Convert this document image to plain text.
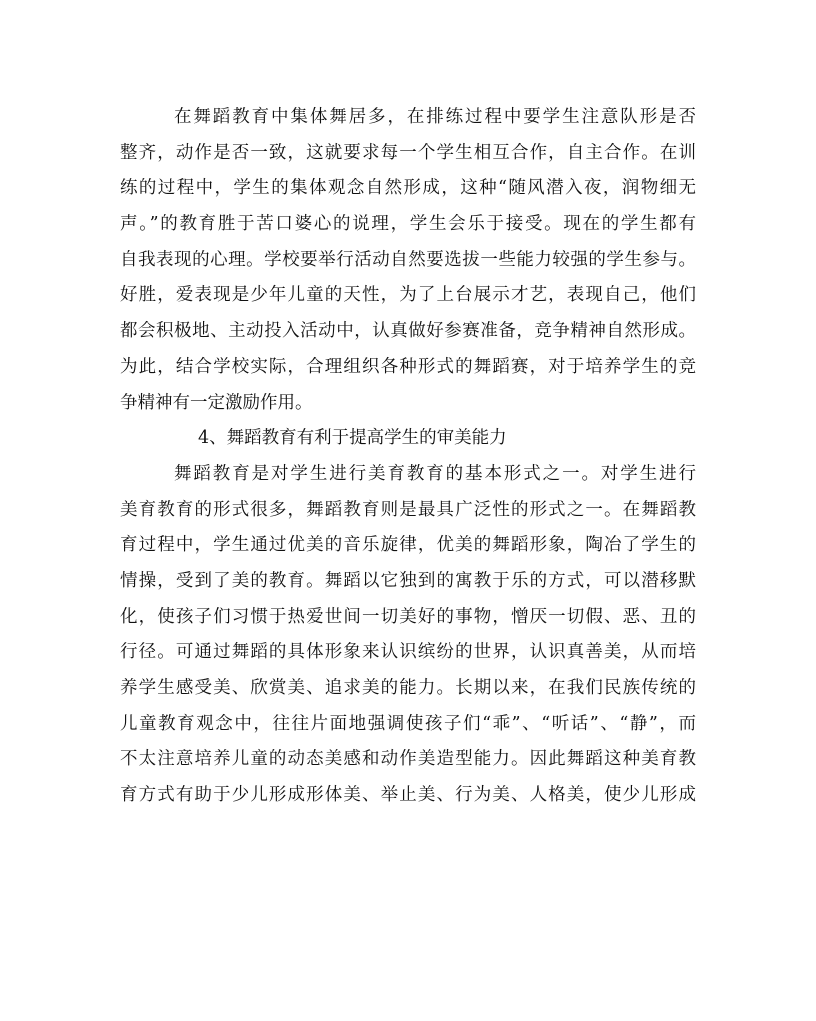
在舞蹈教育中集体舞居多，在排练过程中要学生注意队形是否
整齐，动作是否一致，这就要求每一个学生相互合作，自主合作。在训
练的过程中，学生的集体观念自然形成，这种“随风潜入夜，润物细无
声。”的教育胜于苦口婆心的说理，学生会乐于接受。现在的学生都有
自我表现的心理。学校要举行活动自然要选拔一些能力较强的学生参与。
好胜，爱表现是少年儿童的天性，为了上台展示才艺，表现自己，他们
都会积极地、主动投入活动中，认真做好参赛准备，竞争精神自然形成。
为此，结合学校实际，合理组织各种形式的舞蹈赛，对于培养学生的竞
争精神有一定激励作用。
4、舞蹈教育有利于提高学生的审美能力
舞蹈教育是对学生进行美育教育的基本形式之一。对学生进行
美育教育的形式很多，舞蹈教育则是最具广泛性的形式之一。在舞蹈教
育过程中，学生通过优美的音乐旋律，优美的舞蹈形象，陶冶了学生的
情操，受到了美的教育。舞蹈以它独到的寓教于乐的方式，可以潜移默
化，使孩子们习惯于热爱世间一切美好的事物，憎厌一切假、恶、丑的
行径。可通过舞蹈的具体形象来认识缤纷的世界，认识真善美，从而培
养学生感受美、欣赏美、追求美的能力。长期以来，在我们民族传统的
儿童教育观念中，往往片面地强调使孩子们“乖”、“听话”、“静”，而
不太注意培养儿童的动态美感和动作美造型能力。因此舞蹈这种美育教
育方式有助于少儿形成形体美、举止美、行为美、人格美，使少儿形成
